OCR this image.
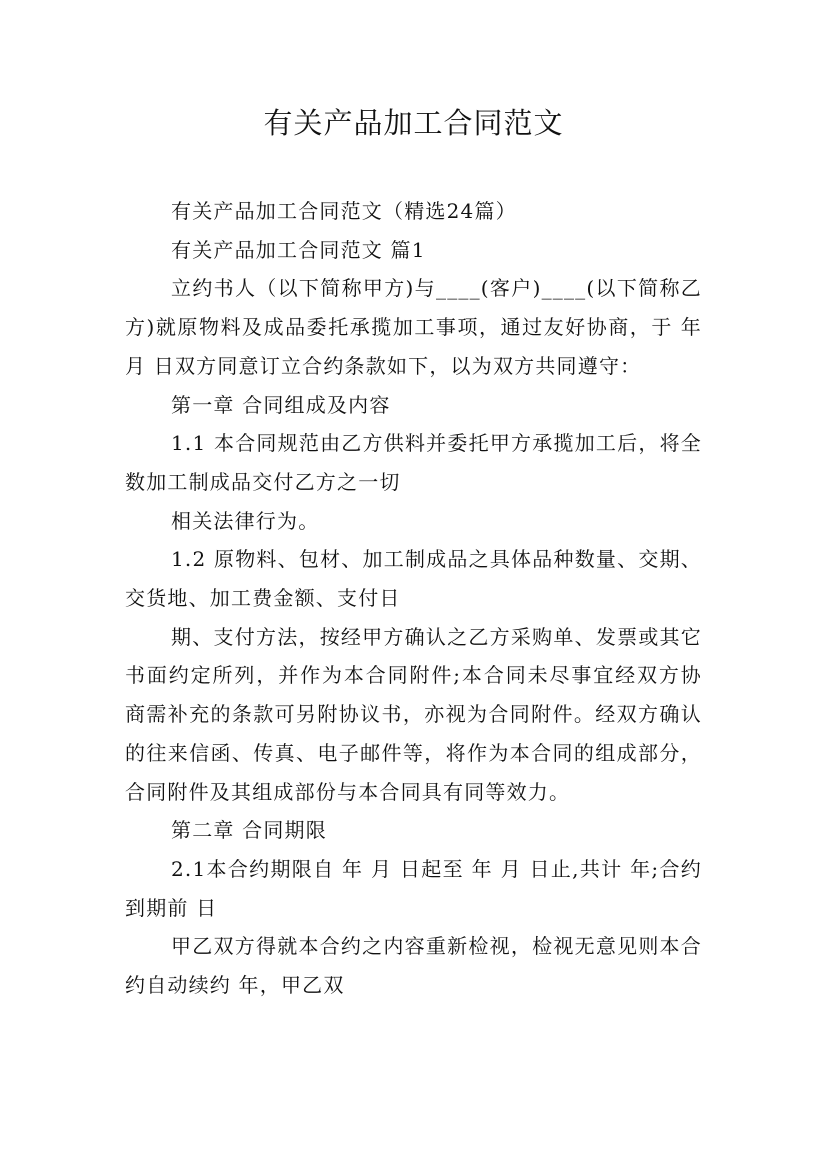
有关产品加工合同范文

有关产品加工合同范文（精选24篇）

有关产品加工合同范文 篇1

立约书人（以下简称甲方)与____(客户)____(以下简称乙方)就原物料及成品委托承揽加工事项，通过友好协商，于 年 月 日双方同意订立合约条款如下，以为双方共同遵守：

第一章 合同组成及内容

1.1 本合同规范由乙方供料并委托甲方承揽加工后，将全数加工制成品交付乙方之一切

相关法律行为。

1.2 原物料、包材、加工制成品之具体品种数量、交期、交货地、加工费金额、支付日

期、支付方法，按经甲方确认之乙方采购单、发票或其它书面约定所列，并作为本合同附件;本合同未尽事宜经双方协商需补充的条款可另附协议书，亦视为合同附件。经双方确认的往来信函、传真、电子邮件等，将作为本合同的组成部分，合同附件及其组成部份与本合同具有同等效力。

第二章 合同期限

2.1本合约期限自 年 月 日起至 年 月 日止,共计 年;合约到期前 日

甲乙双方得就本合约之内容重新检视，检视无意见则本合约自动续约 年，甲乙双
